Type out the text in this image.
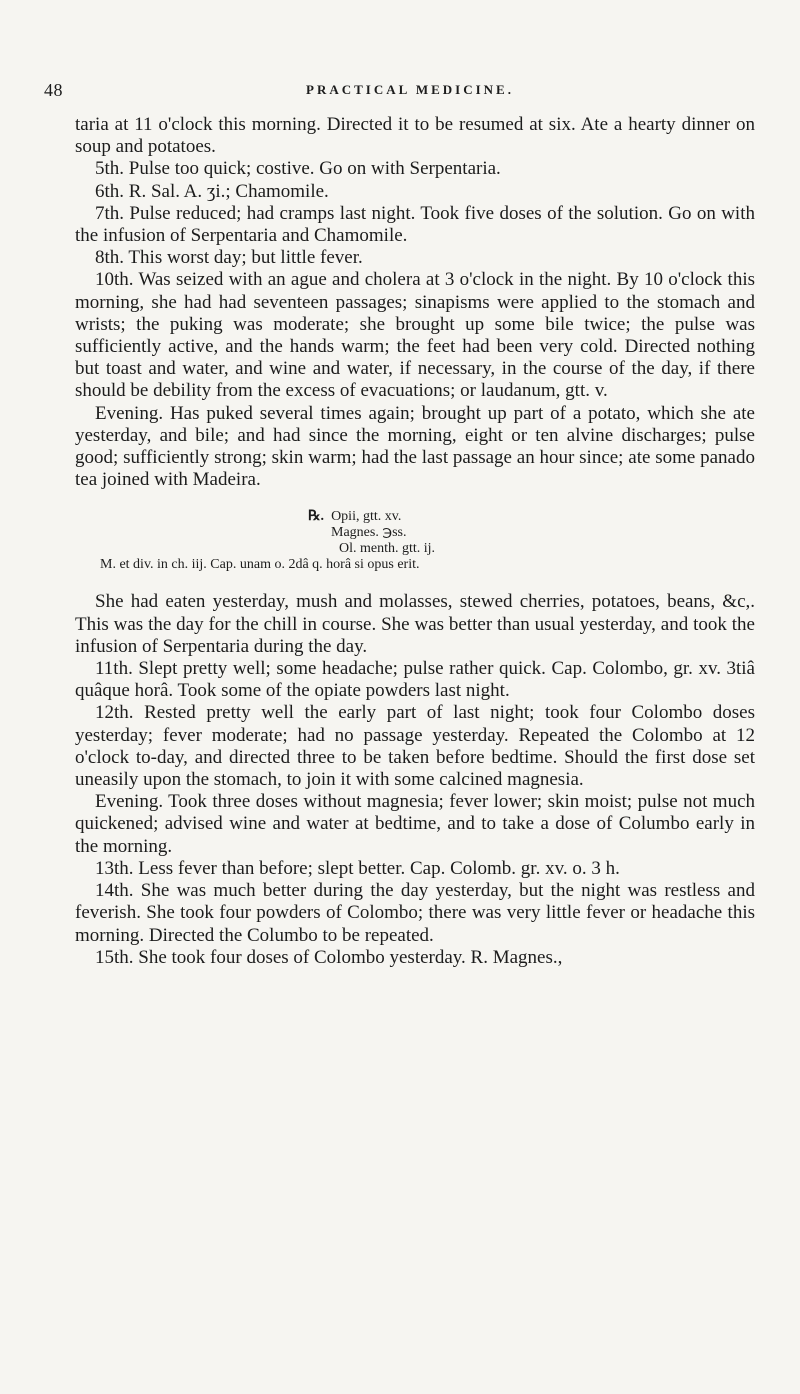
48	PRACTICAL MEDICINE.

taria at 11 o'clock this morning. Directed it to be resumed at six. Ate a hearty dinner on soup and potatoes.

5th. Pulse too quick; costive. Go on with Serpentaria.

6th. R. Sal. A. ʒi.; Chamomile.

7th. Pulse reduced; had cramps last night. Took five doses of the solution. Go on with the infusion of Serpentaria and Chamomile.

8th. This worst day; but little fever.

10th. Was seized with an ague and cholera at 3 o'clock in the night. By 10 o'clock this morning, she had had seventeen passages; sinapisms were applied to the stomach and wrists; the puking was moderate; she brought up some bile twice; the pulse was sufficiently active, and the hands warm; the feet had been very cold. Directed nothing but toast and water, and wine and water, if necessary, in the course of the day, if there should be debility from the excess of evacuations; or laudanum, gtt. v.

Evening. Has puked several times again; brought up part of a potato, which she ate yesterday, and bile; and had since the morning, eight or ten alvine discharges; pulse good; sufficiently strong; skin warm; had the last passage an hour since; ate some panado tea joined with Madeira.

℞. Opii, gtt. xv.
Magnes. ℈ss.
Ol. menth. gtt. ij.
M. et div. in ch. iij. Cap. unam o. 2dâ q. horâ si opus erit.

She had eaten yesterday, mush and molasses, stewed cherries, potatoes, beans, &c,. This was the day for the chill in course. She was better than usual yesterday, and took the infusion of Serpentaria during the day.

11th. Slept pretty well; some headache; pulse rather quick. Cap. Colombo, gr. xv. 3tiâ quâque horâ. Took some of the opiate powders last night.

12th. Rested pretty well the early part of last night; took four Colombo doses yesterday; fever moderate; had no passage yesterday. Repeated the Colombo at 12 o'clock to-day, and directed three to be taken before bedtime. Should the first dose set uneasily upon the stomach, to join it with some calcined magnesia.

Evening. Took three doses without magnesia; fever lower; skin moist; pulse not much quickened; advised wine and water at bedtime, and to take a dose of Columbo early in the morning.

13th. Less fever than before; slept better. Cap. Colomb. gr. xv. o. 3 h.

14th. She was much better during the day yesterday, but the night was restless and feverish. She took four powders of Colombo; there was very little fever or headache this morning. Directed the Columbo to be repeated.

15th. She took four doses of Colombo yesterday. R. Magnes.,
